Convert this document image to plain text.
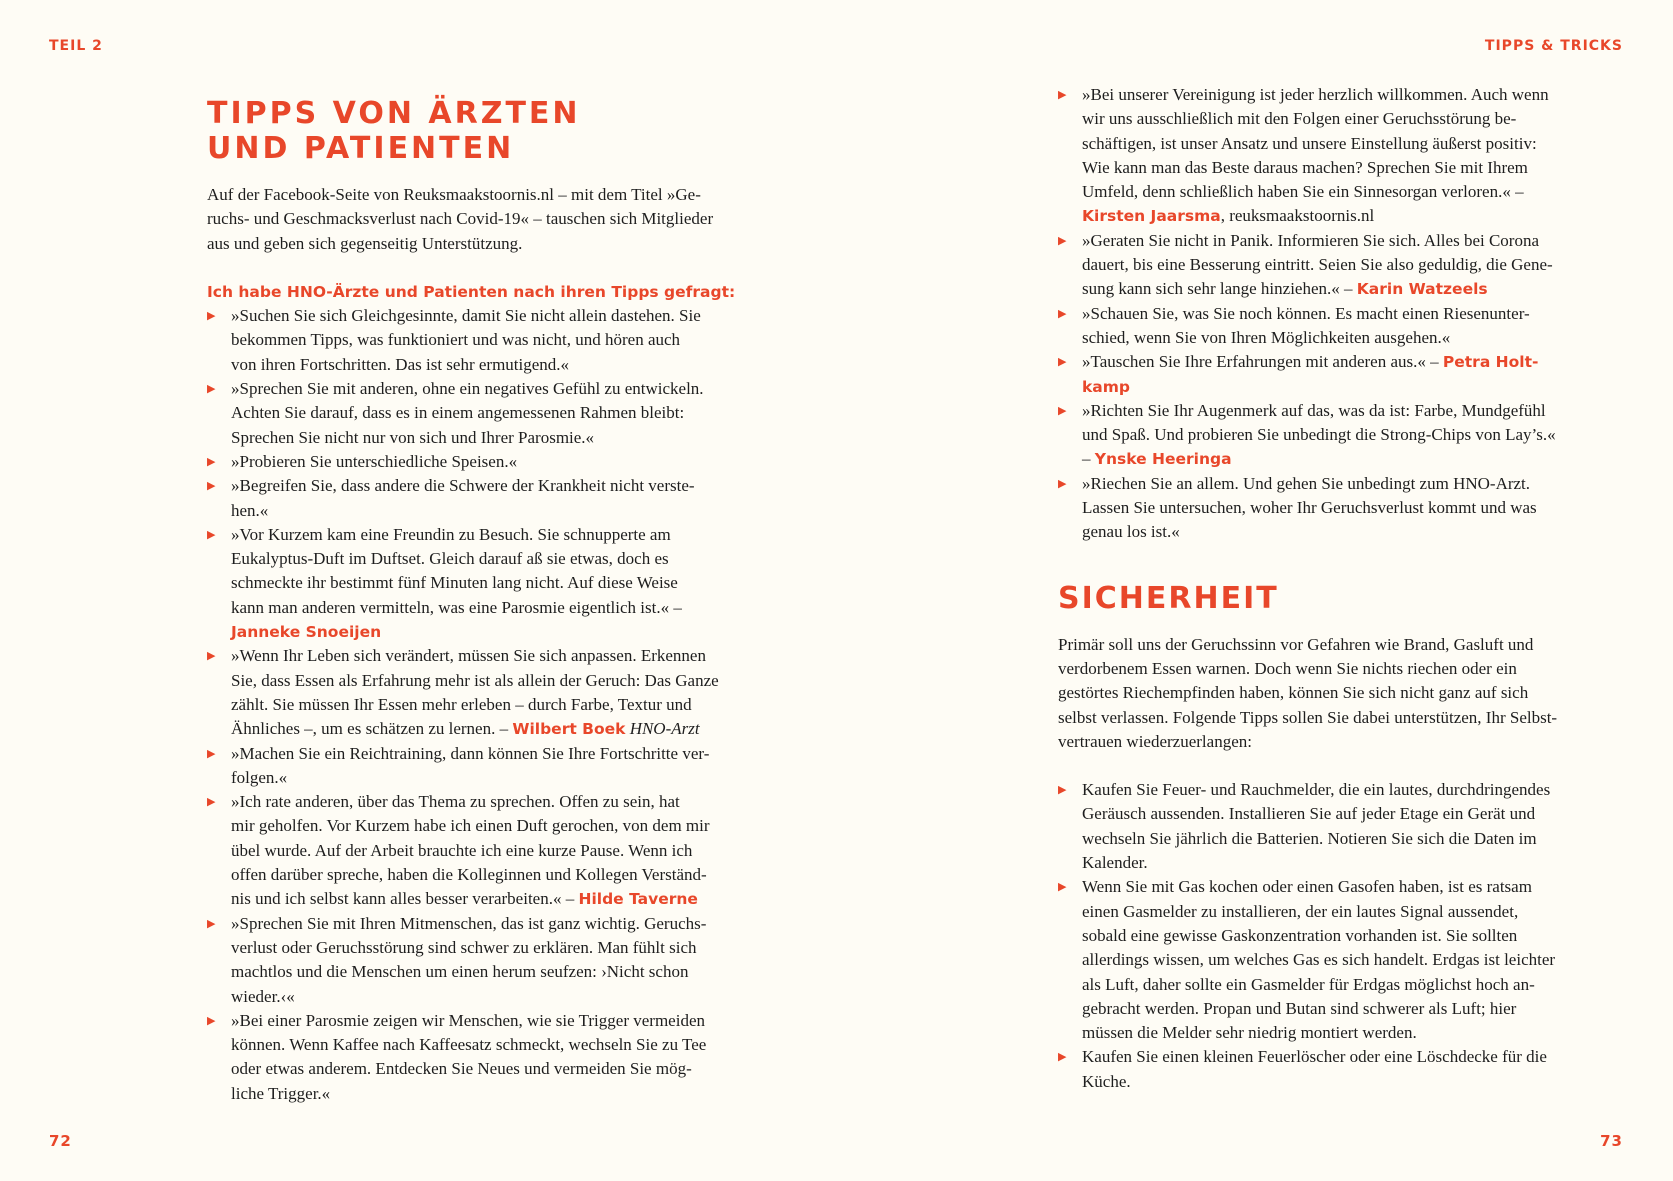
TEIL 2	TIPPS & TRICKS
72	73
TIPPS VON ÄRZTEN
UND PATIENTEN
Auf der Facebook-Seite von Reuksmaakstoornis.nl – mit dem Titel »Ge-
ruchs- und Geschmacksverlust nach Covid-19« – tauschen sich Mitglieder
aus und geben sich gegenseitig Unterstützung.
Ich habe HNO-Ärzte und Patienten nach ihren Tipps gefragt:
▶ »Suchen Sie sich Gleichgesinnte, damit Sie nicht allein dastehen. Sie
bekommen Tipps, was funktioniert und was nicht, und hören auch
von ihren Fortschritten. Das ist sehr ermutigend.«
▶ »Sprechen Sie mit anderen, ohne ein negatives Gefühl zu entwickeln.
Achten Sie darauf, dass es in einem angemessenen Rahmen bleibt:
Sprechen Sie nicht nur von sich und Ihrer Parosmie.«
▶ »Probieren Sie unterschiedliche Speisen.«
▶ »Begreifen Sie, dass andere die Schwere der Krankheit nicht verste-
hen.«
▶ »Vor Kurzem kam eine Freundin zu Besuch. Sie schnupperte am
Eukalyptus-Duft im Duftset. Gleich darauf aß sie etwas, doch es
schmeckte ihr bestimmt fünf Minuten lang nicht. Auf diese Weise
kann man anderen vermitteln, was eine Parosmie eigentlich ist.« –
Janneke Snoeijen
▶ »Wenn Ihr Leben sich verändert, müssen Sie sich anpassen. Erkennen
Sie, dass Essen als Erfahrung mehr ist als allein der Geruch: Das Ganze
zählt. Sie müssen Ihr Essen mehr erleben – durch Farbe, Textur und
Ähnliches –, um es schätzen zu lernen. – Wilbert Boek HNO-Arzt
▶ »Machen Sie ein Reichtraining, dann können Sie Ihre Fortschritte ver-
folgen.«
▶ »Ich rate anderen, über das Thema zu sprechen. Offen zu sein, hat
mir geholfen. Vor Kurzem habe ich einen Duft gerochen, von dem mir
übel wurde. Auf der Arbeit brauchte ich eine kurze Pause. Wenn ich
offen darüber spreche, haben die Kolleginnen und Kollegen Verständ-
nis und ich selbst kann alles besser verarbeiten.« – Hilde Taverne
▶ »Sprechen Sie mit Ihren Mitmenschen, das ist ganz wichtig. Geruchs-
verlust oder Geruchsstörung sind schwer zu erklären. Man fühlt sich
machtlos und die Menschen um einen herum seufzen: ›Nicht schon
wieder.‹«
▶ »Bei einer Parosmie zeigen wir Menschen, wie sie Trigger vermeiden
können. Wenn Kaffee nach Kaffeesatz schmeckt, wechseln Sie zu Tee
oder etwas anderem. Entdecken Sie Neues und vermeiden Sie mög-
liche Trigger.«
▶ »Bei unserer Vereinigung ist jeder herzlich willkommen. Auch wenn
wir uns ausschließlich mit den Folgen einer Geruchsstörung be-
schäftigen, ist unser Ansatz und unsere Einstellung äußerst positiv:
Wie kann man das Beste daraus machen? Sprechen Sie mit Ihrem
Umfeld, denn schließlich haben Sie ein Sinnesorgan verloren.« –
Kirsten Jaarsma, reuksmaakstoornis.nl
▶ »Geraten Sie nicht in Panik. Informieren Sie sich. Alles bei Corona
dauert, bis eine Besserung eintritt. Seien Sie also geduldig, die Gene-
sung kann sich sehr lange hinziehen.« – Karin Watzeels
▶ »Schauen Sie, was Sie noch können. Es macht einen Riesenunter-
schied, wenn Sie von Ihren Möglichkeiten ausgehen.«
▶ »Tauschen Sie Ihre Erfahrungen mit anderen aus.« – Petra Holt-
kamp
▶ »Richten Sie Ihr Augenmerk auf das, was da ist: Farbe, Mundgefühl
und Spaß. Und probieren Sie unbedingt die Strong-Chips von Lay’s.«
– Ynske Heeringa
▶ »Riechen Sie an allem. Und gehen Sie unbedingt zum HNO-Arzt.
Lassen Sie untersuchen, woher Ihr Geruchsverlust kommt und was
genau los ist.«
SICHERHEIT
Primär soll uns der Geruchssinn vor Gefahren wie Brand, Gasluft und
verdorbenem Essen warnen. Doch wenn Sie nichts riechen oder ein
gestörtes Riechempfinden haben, können Sie sich nicht ganz auf sich
selbst verlassen. Folgende Tipps sollen Sie dabei unterstützen, Ihr Selbst-
vertrauen wiederzuerlangen:
▶ Kaufen Sie Feuer- und Rauchmelder, die ein lautes, durchdringendes
Geräusch aussenden. Installieren Sie auf jeder Etage ein Gerät und
wechseln Sie jährlich die Batterien. Notieren Sie sich die Daten im
Kalender.
▶ Wenn Sie mit Gas kochen oder einen Gasofen haben, ist es ratsam
einen Gasmelder zu installieren, der ein lautes Signal aussendet,
sobald eine gewisse Gaskonzentration vorhanden ist. Sie sollten
allerdings wissen, um welches Gas es sich handelt. Erdgas ist leichter
als Luft, daher sollte ein Gasmelder für Erdgas möglichst hoch an-
gebracht werden. Propan und Butan sind schwerer als Luft; hier
müssen die Melder sehr niedrig montiert werden.
▶ Kaufen Sie einen kleinen Feuerlöscher oder eine Löschdecke für die
Küche.
